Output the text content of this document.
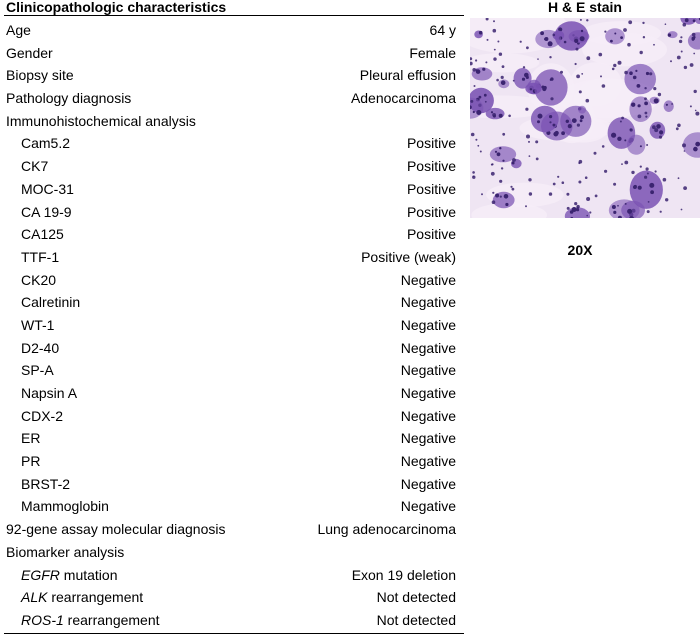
Clinicopathologic characteristics
Age	64 y
Gender	Female
Biopsy site	Pleural effusion
Pathology diagnosis	Adenocarcinoma
Immunohistochemical analysis
Cam5.2	Positive
CK7	Positive
MOC-31	Positive
CA 19-9	Positive
CA125	Positive
TTF-1	Positive (weak)
CK20	Negative
Calretinin	Negative
WT-1	Negative
D2-40	Negative
SP-A	Negative
Napsin A	Negative
CDX-2	Negative
ER	Negative
PR	Negative
BRST-2	Negative
Mammoglobin	Negative
92-gene assay molecular diagnosis	Lung adenocarcinoma
Biomarker analysis
EGFR mutation	Exon 19 deletion
ALK rearrangement	Not detected
ROS-1 rearrangement	Not detected
H & E stain
20X
